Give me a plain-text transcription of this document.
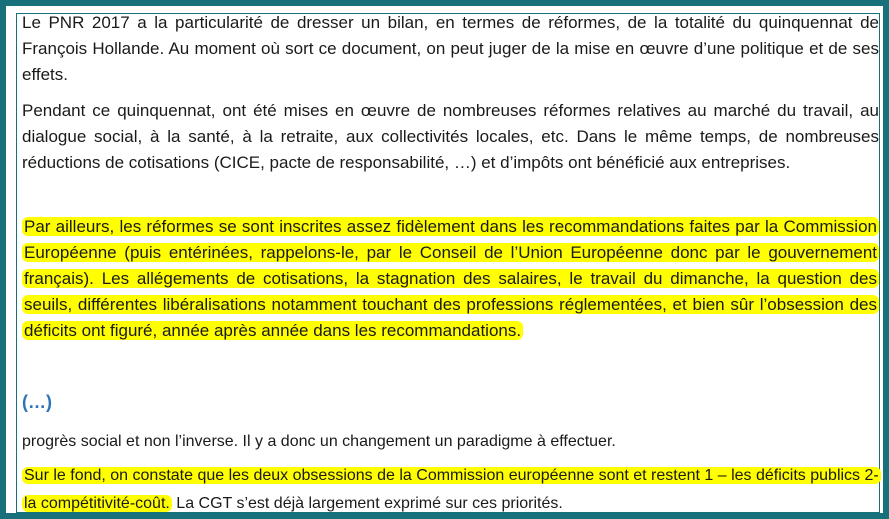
Le PNR 2017 a la particularité de dresser un bilan, en termes de réformes, de la totalité du quinquennat de François Hollande. Au moment où sort ce document, on peut juger de la mise en œuvre d’une politique et de ses effets.

Pendant ce quinquennat, ont été mises en œuvre de nombreuses réformes relatives au marché du travail, au dialogue social, à la santé, à la retraite, aux collectivités locales, etc. Dans le même temps, de nombreuses réductions de cotisations (CICE, pacte de responsabilité, …) et d’impôts ont bénéficié aux entreprises.

Par ailleurs, les réformes se sont inscrites assez fidèlement dans les recommandations faites par la Commission Européenne (puis entérinées, rappelons-le, par le Conseil de l’Union Européenne donc par le gouvernement français). Les allégements de cotisations, la stagnation des salaires, le travail du dimanche, la question des seuils, différentes libéralisations notamment touchant des professions réglementées, et bien sûr l’obsession des déficits ont figuré, année après année dans les recommandations.

(…)

progrès social et non l’inverse. Il y a donc un changement un paradigme à effectuer.

Sur le fond, on constate que les deux obsessions de la Commission européenne sont et restent 1 – les déficits publics 2- la compétitivité-coût. La CGT s’est déjà largement exprimé sur ces priorités.
